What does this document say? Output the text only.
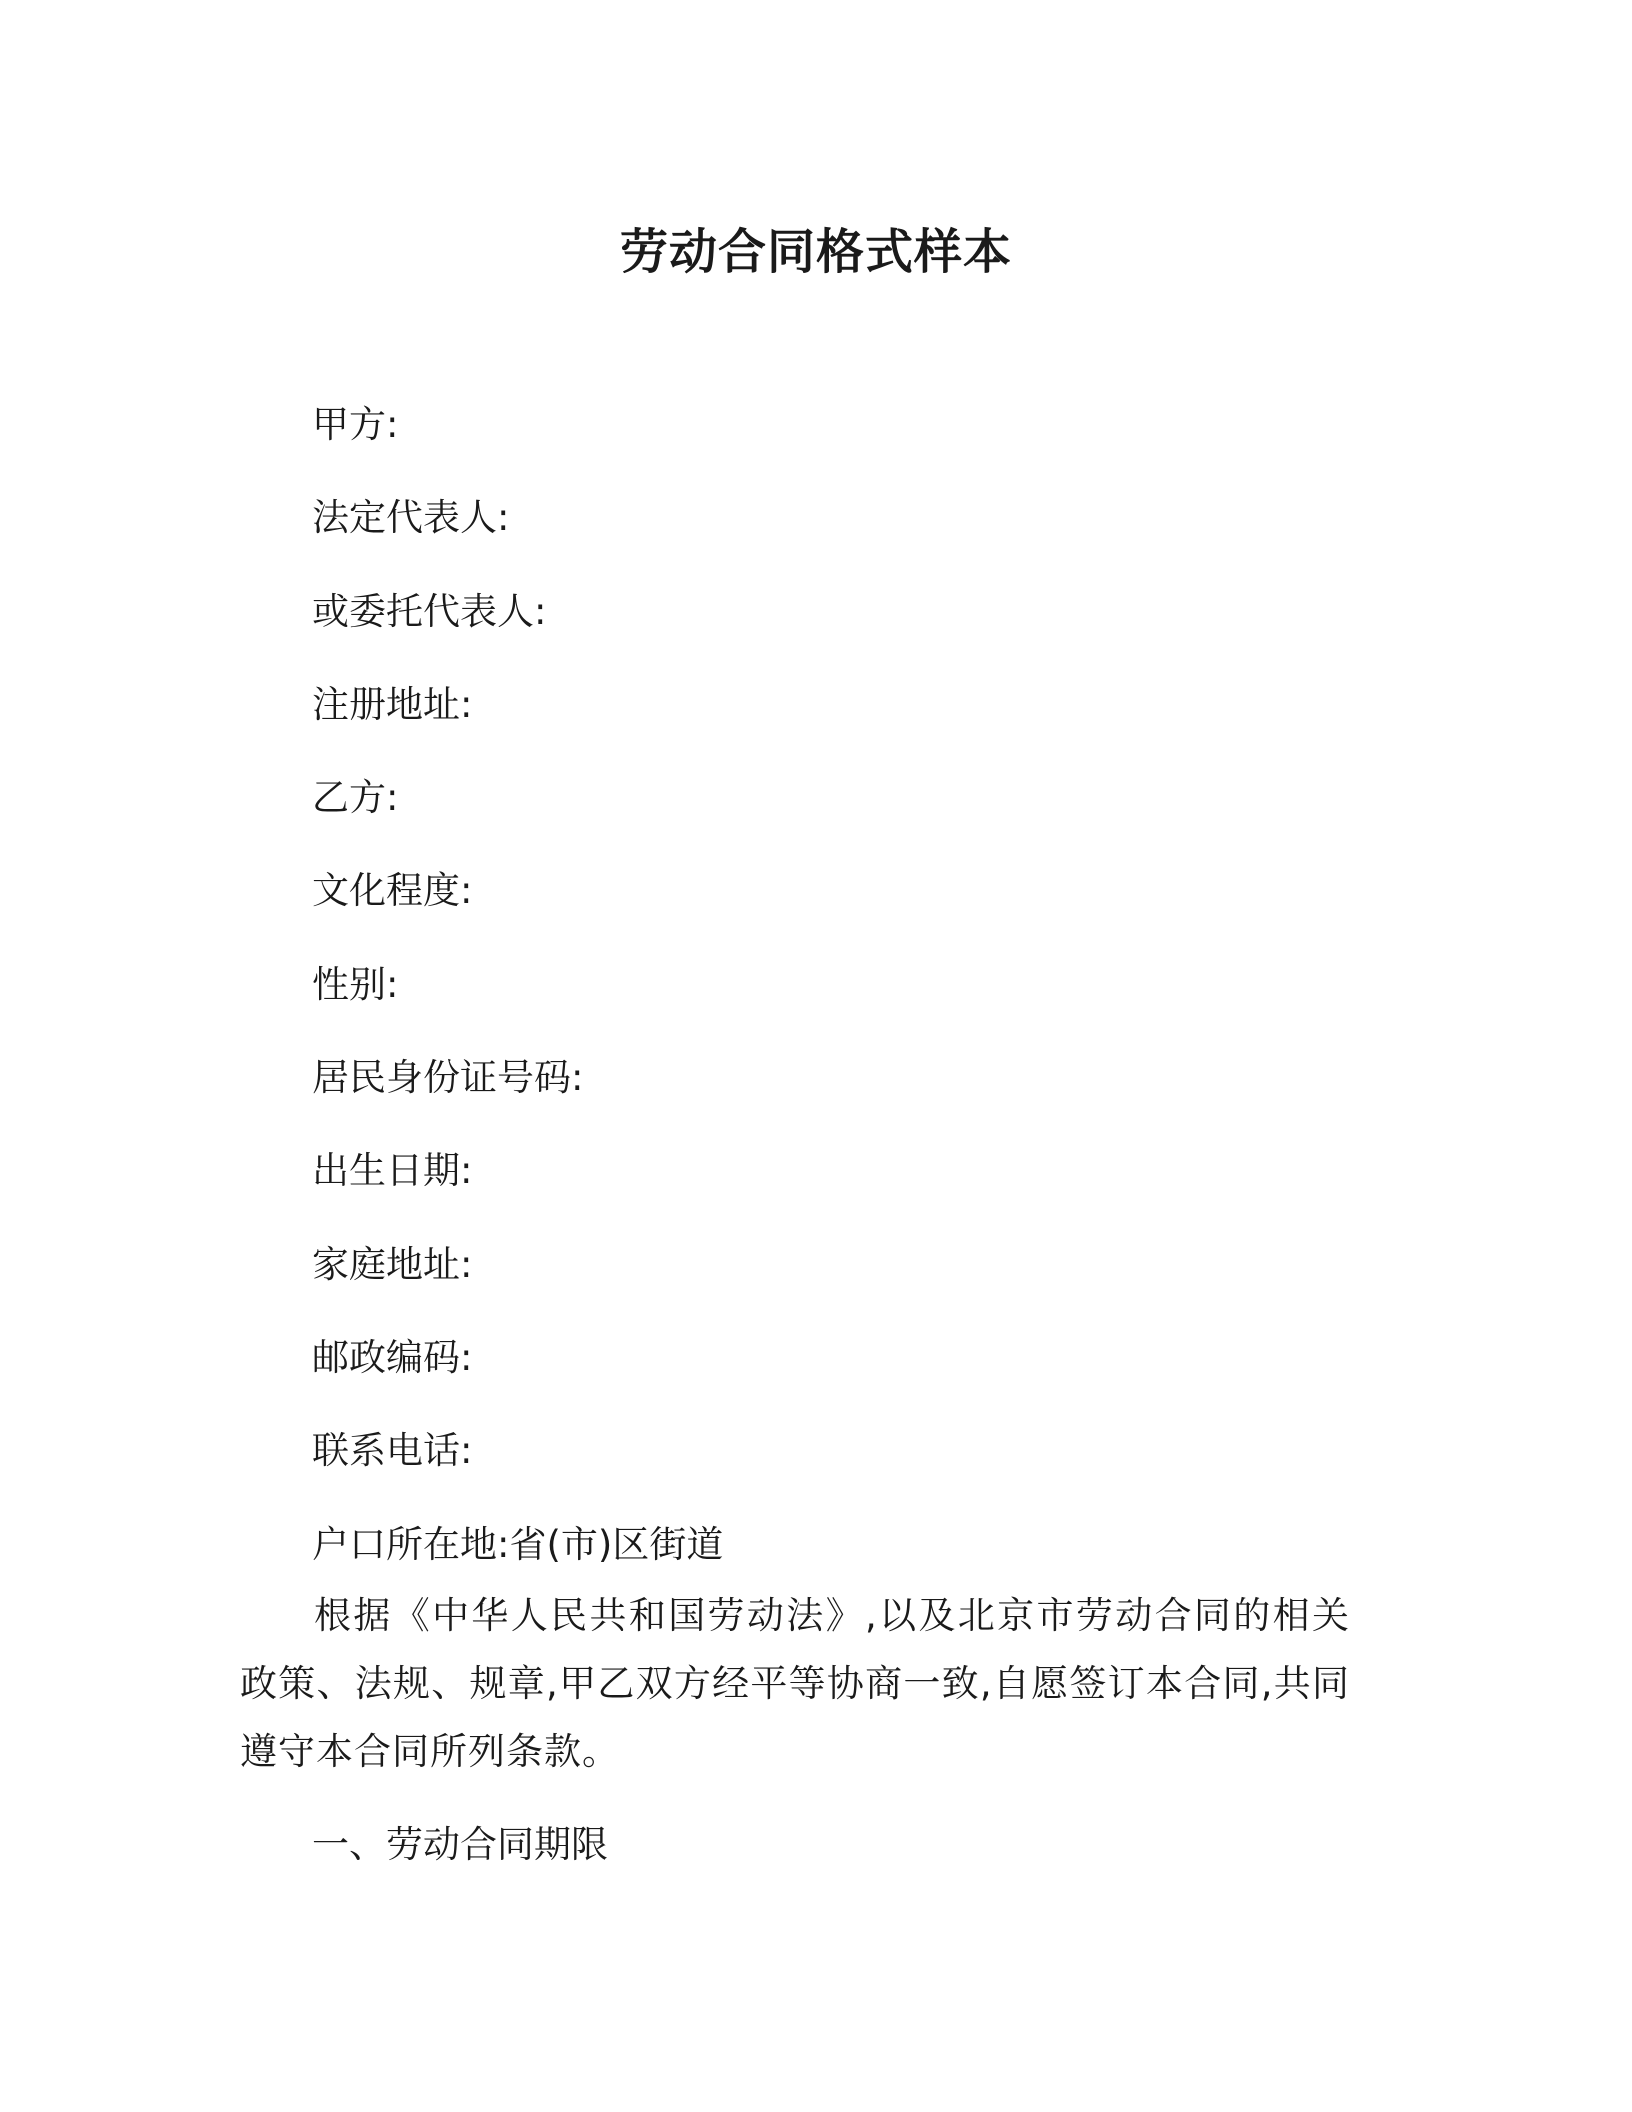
劳动合同格式样本
甲方:
法定代表人:
或委托代表人:
注册地址:
乙方:
文化程度:
性别:
居民身份证号码:
出生日期:
家庭地址:
邮政编码:
联系电话:
户口所在地:省(市)区街道

根据《中华人民共和国劳动法》,以及北京市劳动合同的相关政策、法规、规章,甲乙双方经平等协商一致,自愿签订本合同,共同遵守本合同所列条款。

一、劳动合同期限
